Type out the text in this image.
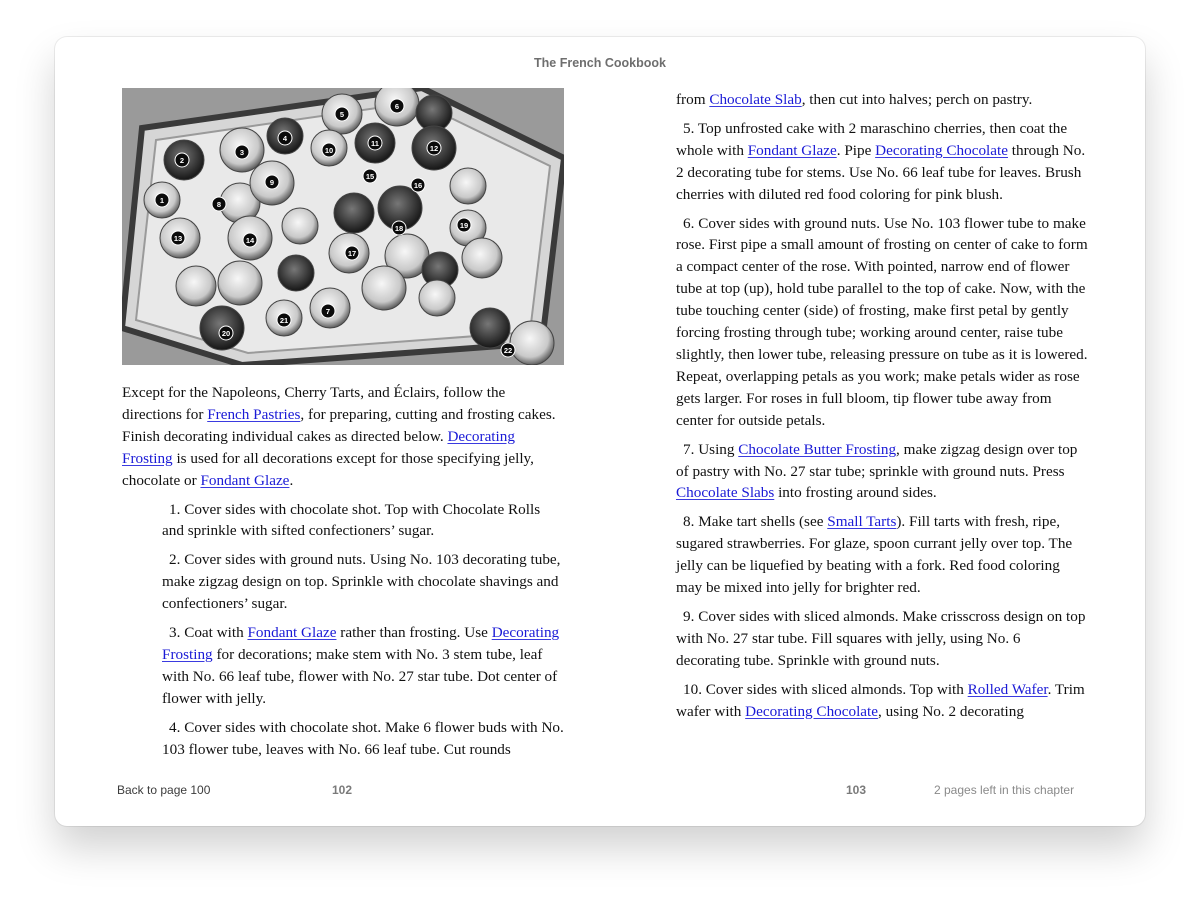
The French Cookbook
1
2
3
4
5
6
7
8
9
10
11
12
13	14
15
16
17
18	19
20
21
22

Except for the Napoleons, Cherry Tarts, and Éclairs, follow the directions for French Pastries, for preparing, cutting and frosting cakes. Finish decorating individual cakes as directed below. Decorating Frosting is used for all decorations except for those specifying jelly, chocolate or Fondant Glaze.

1. Cover sides with chocolate shot. Top with Chocolate Rolls and sprinkle with sifted confectioners’ sugar.

2. Cover sides with ground nuts. Using No. 103 decorating tube, make zigzag design on top. Sprinkle with chocolate shavings and confectioners’ sugar.

3. Coat with Fondant Glaze rather than frosting. Use Decorating Frosting for decorations; make stem with No. 3 stem tube, leaf with No. 66 leaf tube, flower with No. 27 star tube. Dot center of flower with jelly.

4. Cover sides with chocolate shot. Make 6 flower buds with No. 103 flower tube, leaves with No. 66 leaf tube. Cut rounds

from Chocolate Slab, then cut into halves; perch on pastry.

5. Top unfrosted cake with 2 maraschino cherries, then coat the whole with Fondant Glaze. Pipe Decorating Chocolate through No. 2 decorating tube for stems. Use No. 66 leaf tube for leaves. Brush cherries with diluted red food coloring for pink blush.

6. Cover sides with ground nuts. Use No. 103 flower tube to make rose. First pipe a small amount of frosting on center of cake to form a compact center of the rose. With pointed, narrow end of flower tube at top (up), hold tube parallel to the top of cake. Now, with the tube touching center (side) of frosting, make first petal by gently forcing frosting through tube; working around center, raise tube slightly, then lower tube, releasing pressure on tube as it is lowered. Repeat, overlapping petals as you work; make petals wider as rose gets larger. For roses in full bloom, tip flower tube away from center for outside petals.

7. Using Chocolate Butter Frosting, make zigzag design over top of pastry with No. 27 star tube; sprinkle with ground nuts. Press Chocolate Slabs into frosting around sides.

8. Make tart shells (see Small Tarts). Fill tarts with fresh, ripe, sugared strawberries. For glaze, spoon currant jelly over top. The jelly can be liquefied by beating with a fork. Red food coloring may be mixed into jelly for brighter red.

9. Cover sides with sliced almonds. Make crisscross design on top with No. 27 star tube. Fill squares with jelly, using No. 6 decorating tube. Sprinkle with ground nuts.

10. Cover sides with sliced almonds. Top with Rolled Wafer. Trim wafer with Decorating Chocolate, using No. 2 decorating

Back to page 100	102	103	2 pages left in this chapter
